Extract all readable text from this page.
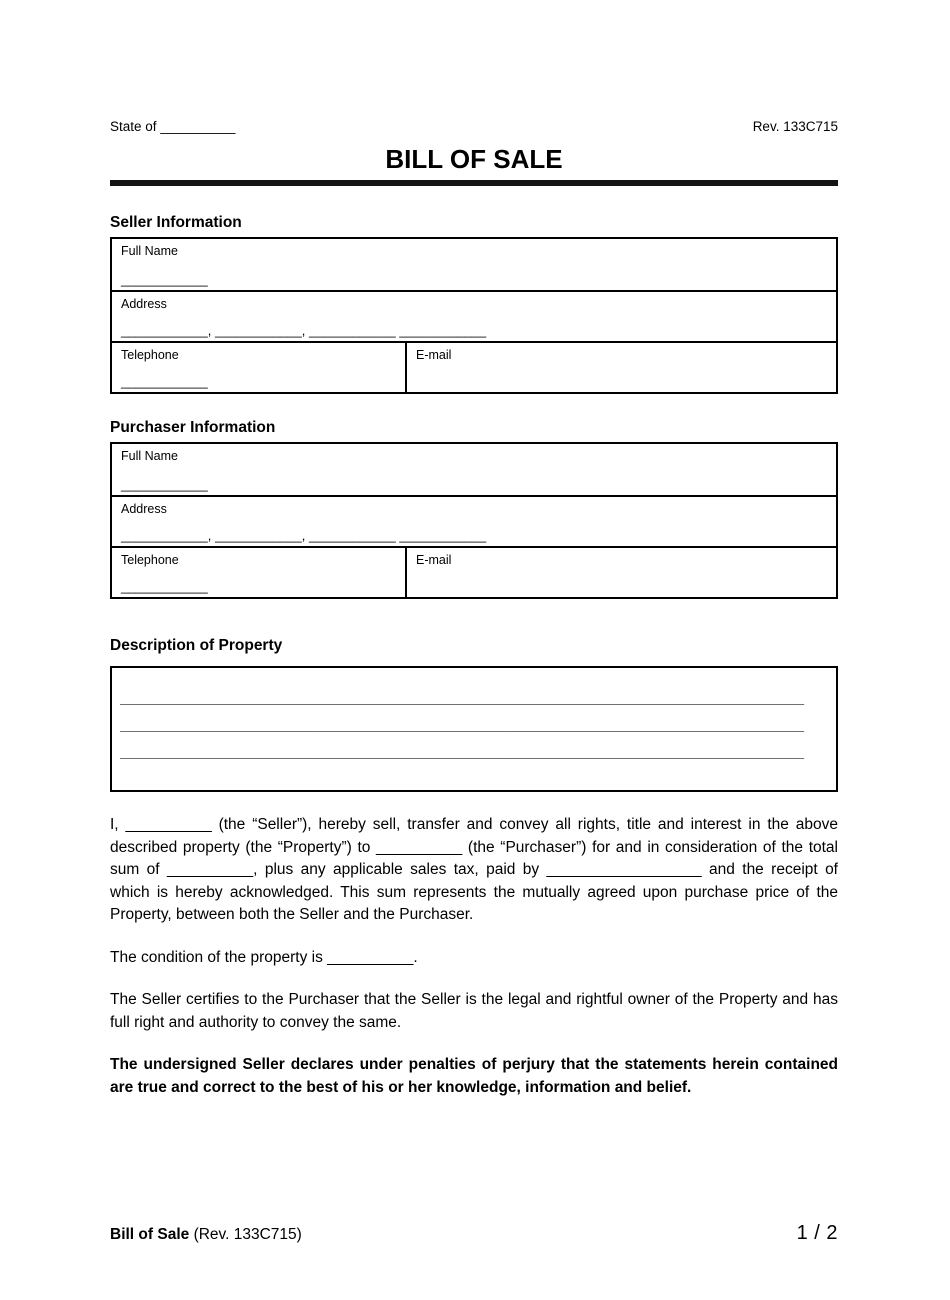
State of __________	Rev. 133C715
BILL OF SALE
Seller Information
Full Name
____________
Address
____________, ____________, ____________ ____________
Telephone
____________
E-mail
Purchaser Information
Full Name
____________
Address
____________, ____________, ____________ ____________
Telephone
____________
E-mail
Description of Property
__________________________________________________________________________________
__________________________________________________________________________________
__________________________________________________________________________________

I, __________ (the “Seller”), hereby sell, transfer and convey all rights, title and interest in the above described property (the “Property”) to __________ (the “Purchaser”) for and in consideration of the total sum of __________, plus any applicable sales tax, paid by __________________ and the receipt of which is hereby acknowledged. This sum represents the mutually agreed upon purchase price of the Property, between both the Seller and the Purchaser.

The condition of the property is __________.

The Seller certifies to the Purchaser that the Seller is the legal and rightful owner of the Property and has full right and authority to convey the same.

The undersigned Seller declares under penalties of perjury that the statements herein contained are true and correct to the best of his or her knowledge, information and belief.

Bill of Sale (Rev. 133C715)	1 / 2
